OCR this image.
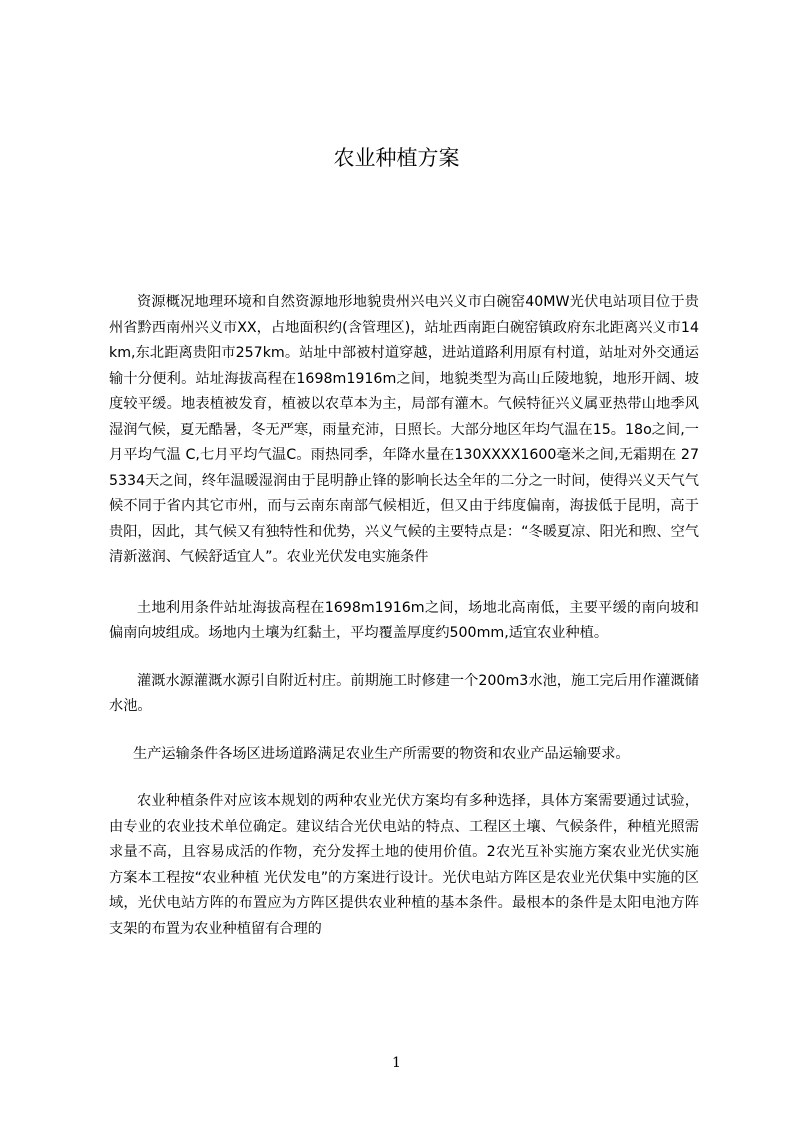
农业种植方案

资源概况地理环境和自然资源地形地貌贵州兴电兴义市白碗窑40MW光伏电站项目位于贵州省黔西南州兴义市XX，占地面积约(含管理区)，站址西南距白碗窑镇政府东北距离兴义市14km,东北距离贵阳市257km。站址中部被村道穿越，进站道路利用原有村道，站址对外交通运输十分便利。站址海拔高程在1698m1916m之间，地貌类型为高山丘陵地貌，地形开阔、坡度较平缓。地表植被发育，植被以农草本为主，局部有灌木。气候特征兴义属亚热带山地季风湿润气候，夏无酷暑，冬无严寒，雨量充沛，日照长。大部分地区年均气温在15。18o之间,一月平均气温 C,七月平均气温C。雨热同季，年降水量在130XXXX1600毫米之间,无霜期在 275334天之间，终年温暖湿润由于昆明静止锋的影响长达全年的二分之一时间，使得兴义天气气候不同于省内其它市州，而与云南东南部气候相近，但又由于纬度偏南，海拔低于昆明，高于贵阳，因此，其气候又有独特性和优势，兴义气候的主要特点是：“冬暖夏凉、阳光和煦、空气清新滋润、气候舒适宜人”。农业光伏发电实施条件

土地利用条件站址海拔高程在1698m1916m之间，场地北高南低，主要平缓的南向坡和偏南向坡组成。场地内土壤为红黏土，平均覆盖厚度约500mm,适宜农业种植。

灌溉水源灌溉水源引自附近村庄。前期施工时修建一个200m3水池，施工完后用作灌溉储水池。

生产运输条件各场区进场道路满足农业生产所需要的物资和农业产品运输要求。

农业种植条件对应该本规划的两种农业光伏方案均有多种选择，具体方案需要通过试验，由专业的农业技术单位确定。建议结合光伏电站的特点、工程区土壤、气候条件，种植光照需求量不高，且容易成活的作物，充分发挥土地的使用价值。2农光互补实施方案农业光伏实施方案本工程按“农业种植 光伏发电”的方案进行设计。光伏电站方阵区是农业光伏集中实施的区域，光伏电站方阵的布置应为方阵区提供农业种植的基本条件。最根本的条件是太阳电池方阵支架的布置为农业种植留有合理的

1
